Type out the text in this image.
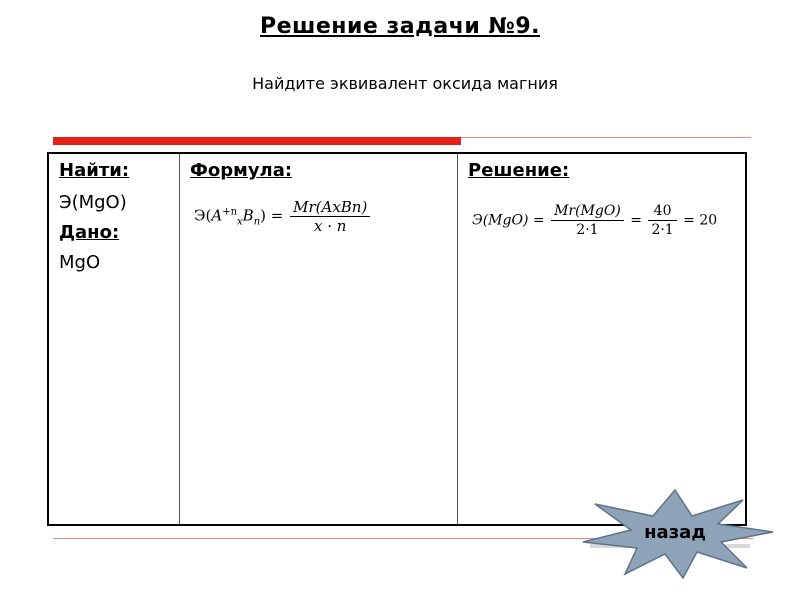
Решение задачи №9.
Найдите эквивалент оксида магния
Найти:
Э(MgO)
Дано:
MgO
Формула:
$Э(A^{+n}_xB_n) = \frac{\text{Mr(AxBn)}}{x \cdot n}$
Решение:
$Э(MgO) = \frac{\text{Mr(MgO)}}{2\cdot 1} = \frac{40}{2\cdot 1} = 20$
назад
